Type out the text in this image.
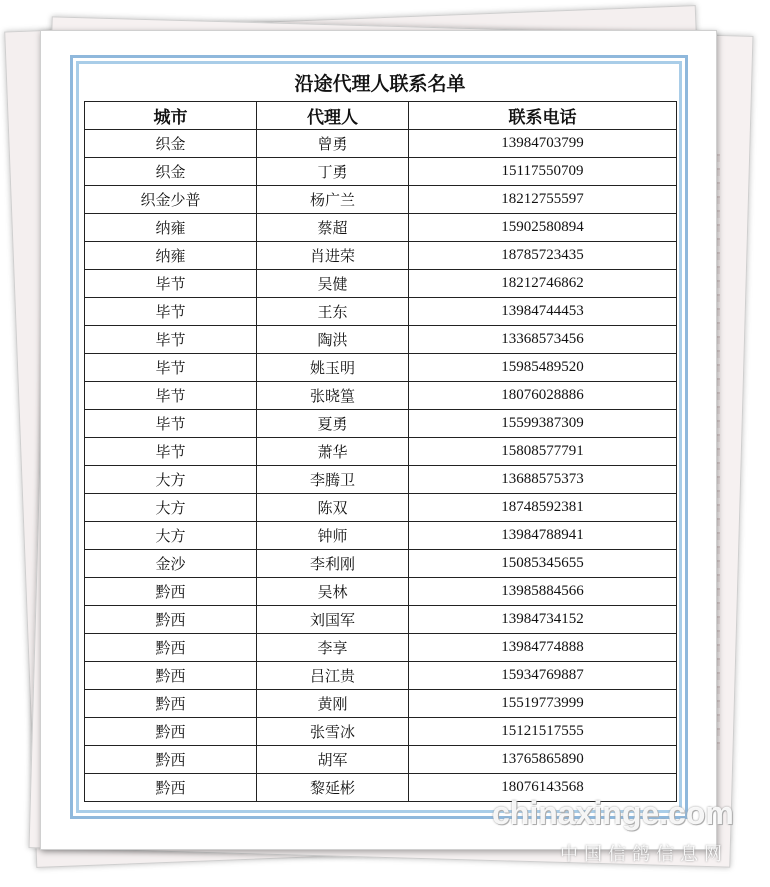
沿途代理人联系名单
城市	代理人	联系电话
织金	曾勇	13984703799
织金	丁勇	15117550709
织金少普	杨广兰	18212755597
纳雍	蔡超	15902580894
纳雍	肖进荣	18785723435
毕节	吴健	18212746862
毕节	王东	13984744453
毕节	陶洪	13368573456
毕节	姚玉明	15985489520
毕节	张晓篁	18076028886
毕节	夏勇	15599387309
毕节	萧华	15808577791
大方	李腾卫	13688575373
大方	陈双	18748592381
大方	钟师	13984788941
金沙	李利刚	15085345655
黔西	吴林	13985884566
黔西	刘国军	13984734152
黔西	李享	13984774888
黔西	吕江贵	15934769887
黔西	黄刚	15519773999
黔西	张雪冰	15121517555
黔西	胡军	13765865890
黔西	黎延彬	18076143568
chinaxinge.com
中国信鸽信息网
